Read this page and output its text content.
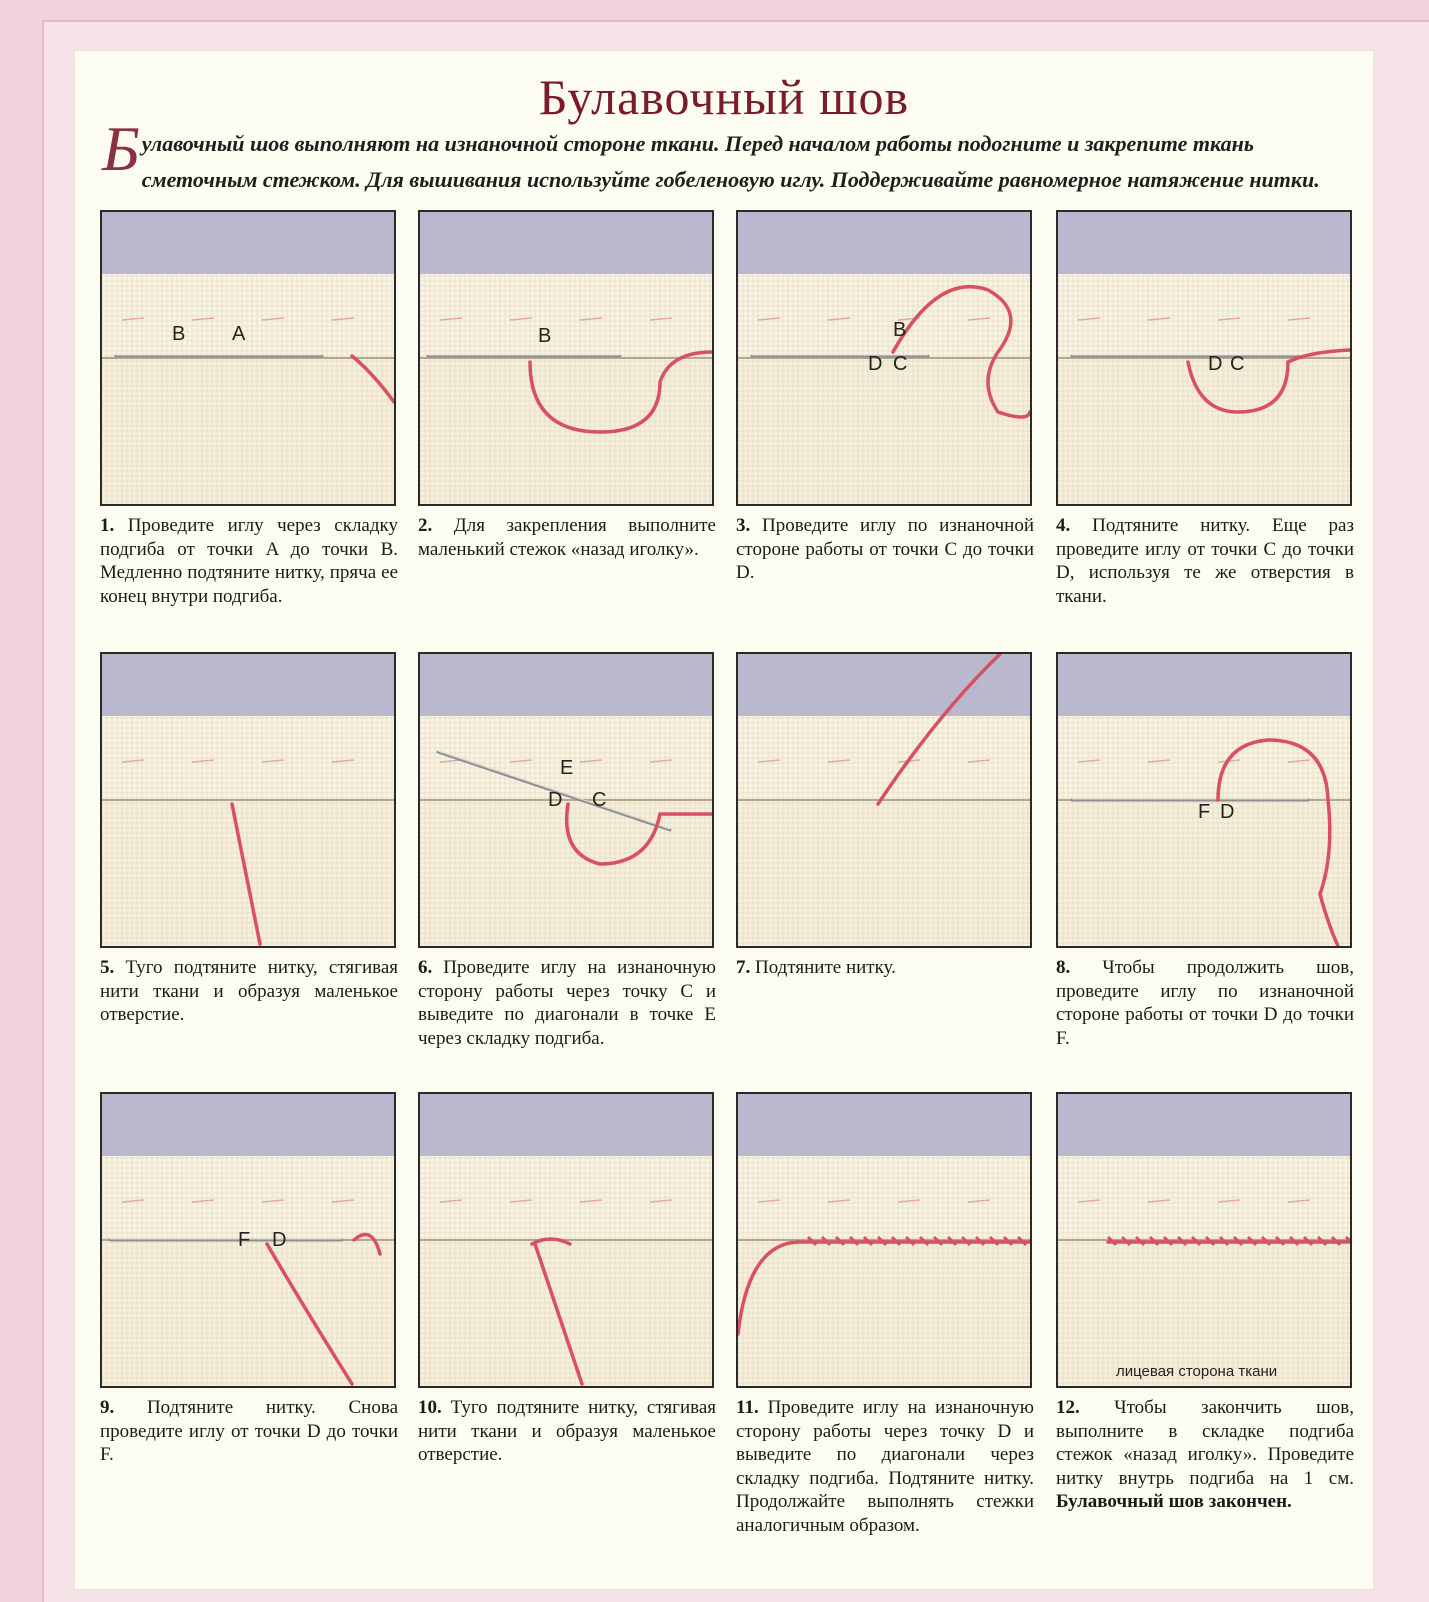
Булавочный шов
Булавочный шов выполняют на изнаночной стороне ткани. Перед началом работы подогните и закрепите ткань сметочным стежком. Для вышивания используйте гобеленовую иглу. Поддерживайте равномерное натяжение нитки.
B A
1. Проведите иглу через складку подгиба от точки A до точки B. Медленно подтяните нитку, пряча ее конец внутри подгиба.
B
2. Для закрепления выполните маленький стежок «назад иголку».
B
D C
3. Проведите иглу по изнаночной стороне работы от точки C до точки D.
D C
4. Подтяните нитку. Еще раз проведите иглу от точки C до точки D, используя те же отверстия в ткани.
5. Туго подтяните нитку, стягивая нити ткани и образуя маленькое отверстие.
E
D C
6. Проведите иглу на изнаночную сторону работы через точку C и выведите по диагонали в точке E через складку подгиба.
7. Подтяните нитку.
F D
8. Чтобы продолжить шов, проведите иглу по изнаночной стороне работы от точки D до точки F.
F D
9. Подтяните нитку. Снова проведите иглу от точки D до точки F.
10. Туго подтяните нитку, стягивая нити ткани и образуя маленькое отверстие.
11. Проведите иглу на изнаночную сторону работы через точку D и выведите по диагонали через складку подгиба. Подтяните нитку. Продолжайте выполнять стежки аналогичным образом.
лицевая сторона ткани
12. Чтобы закончить шов, выполните в складке подгиба стежок «назад иголку». Проведите нитку внутрь подгиба на 1 см. Булавочный шов закончен.
